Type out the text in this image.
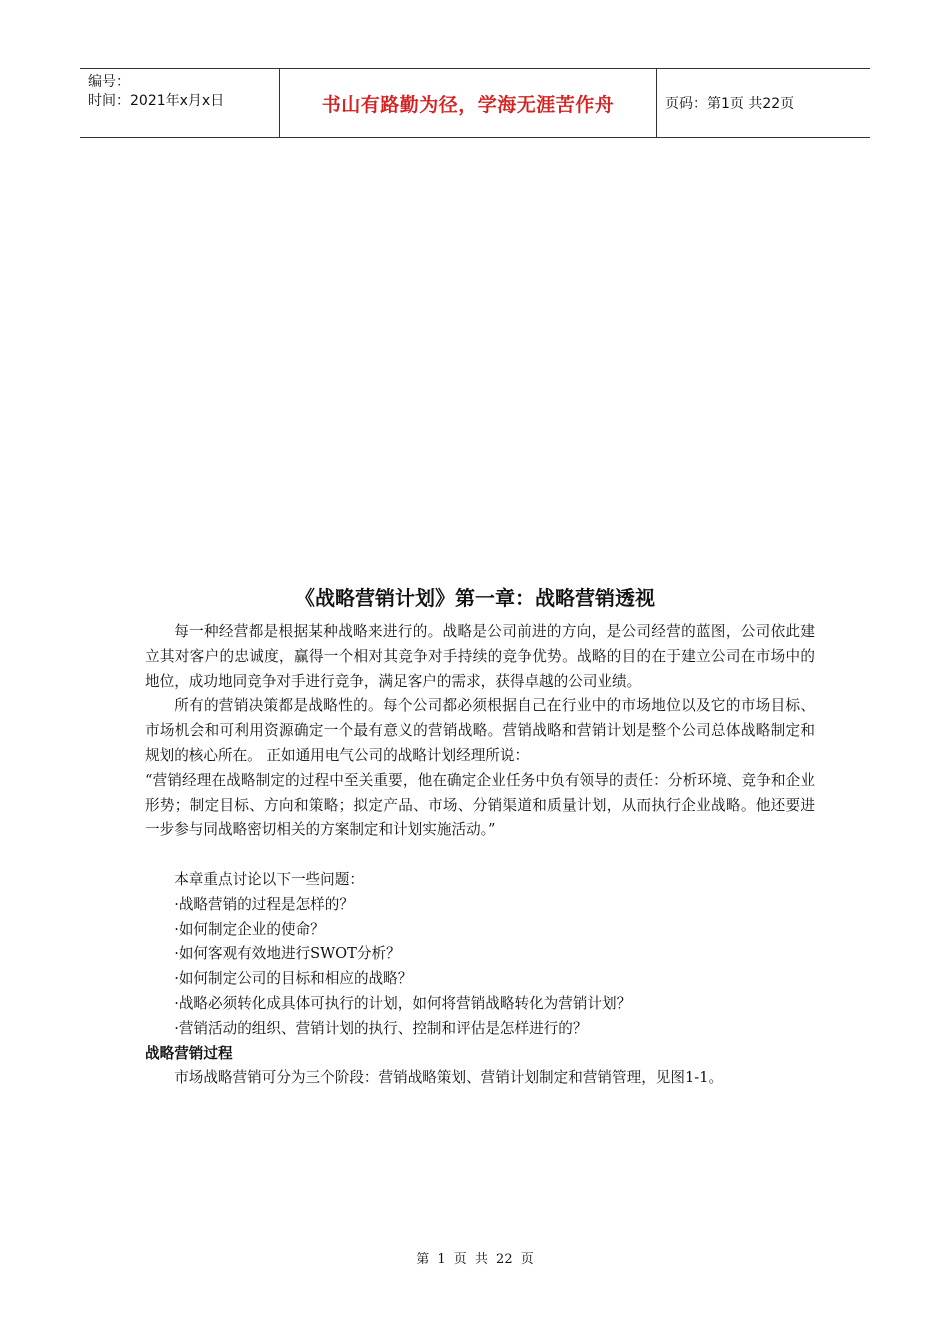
编号：
时间：2021年x月x日	书山有路勤为径，学海无涯苦作舟	页码：第1页 共22页
《战略营销计划》第一章：战略营销透视

每一种经营都是根据某种战略来进行的。战略是公司前进的方向，是公司经营的蓝图，公司依此建立其对客户的忠诚度，赢得一个相对其竞争对手持续的竞争优势。战略的目的在于建立公司在市场中的地位，成功地同竞争对手进行竞争，满足客户的需求，获得卓越的公司业绩。

所有的营销决策都是战略性的。每个公司都必须根据自己在行业中的市场地位以及它的市场目标、市场机会和可利用资源确定一个最有意义的营销战略。营销战略和营销计划是整个公司总体战略制定和规划的核心所在。 正如通用电气公司的战略计划经理所说：

“营销经理在战略制定的过程中至关重要，他在确定企业任务中负有领导的责任：分析环境、竞争和企业形势；制定目标、方向和策略；拟定产品、市场、分销渠道和质量计划，从而执行企业战略。他还要进一步参与同战略密切相关的方案制定和计划实施活动。”

本章重点讨论以下一些问题：

·战略营销的过程是怎样的？

·如何制定企业的使命？

·如何客观有效地进行SWOT分析？

·如何制定公司的目标和相应的战略？

·战略必须转化成具体可执行的计划，如何将营销战略转化为营销计划？

·营销活动的组织、营销计划的执行、控制和评估是怎样进行的？

战略营销过程

市场战略营销可分为三个阶段：营销战略策划、营销计划制定和营销管理，见图1-1。

第 1 页 共 22 页
